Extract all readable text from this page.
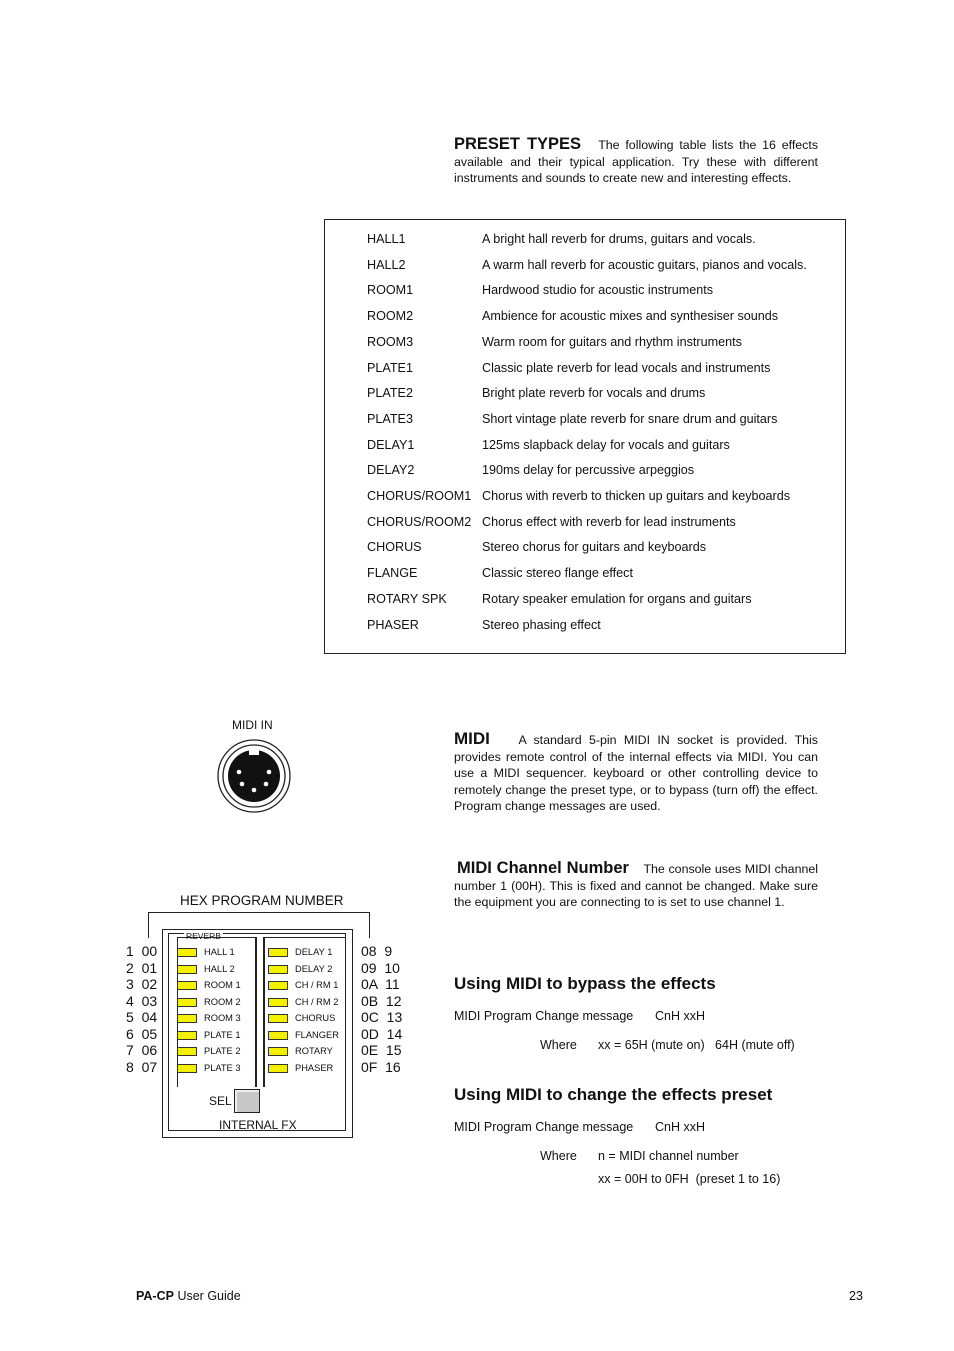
PRESET TYPES The following table lists the 16 effects available and their typical application. Try these with different instruments and sounds to create new and interesting effects.
HALL1	A bright hall reverb for drums, guitars and vocals.
HALL2	A warm hall reverb for acoustic guitars, pianos and vocals.
ROOM1	Hardwood studio for acoustic instruments
ROOM2	Ambience for acoustic mixes and synthesiser sounds
ROOM3	Warm room for guitars and rhythm instruments
PLATE1	Classic plate reverb for lead vocals and instruments
PLATE2	Bright plate reverb for vocals and drums
PLATE3	Short vintage plate reverb for snare drum and guitars
DELAY1	125ms slapback delay for vocals and guitars
DELAY2	190ms delay for percussive arpeggios
CHORUS/ROOM1 Chorus with reverb to thicken up guitars and keyboards
CHORUS/ROOM2 Chorus effect with reverb for lead instruments
CHORUS	Stereo chorus for guitars and keyboards
FLANGE	Classic stereo flange effect
ROTARY SPK	Rotary speaker emulation for organs and guitars
PHASER	Stereo phasing effect
MIDI IN
MIDI A standard 5-pin MIDI IN socket is provided. This provides remote control of the internal effects via MIDI. You can use a MIDI sequencer. keyboard or other controlling device to remotely change the preset type, or to bypass (turn off) the effect. Program change messages are used.
MIDI Channel Number The console uses MIDI channel number 1 (00H). This is fixed and cannot be changed. Make sure the equipment you are connecting to is set to use channel 1.
HEX PROGRAM NUMBER
REVERB
HALL 1
HALL 2
ROOM 1
ROOM 2
ROOM 3
PLATE 1
PLATE 2
PLATE 3
DELAY 1
DELAY 2
CH / RM 1
CH / RM 2
CHORUS
FLANGER
ROTARY
PHASER
SEL
INTERNAL FX
1  00
2  01
3  02
4  03
5  04
6  05
7  06
8  07
08  9
09  10
0A  11
0B  12
0C  13
0D  14
0E  15
0F  16
Using MIDI to bypass the effects
MIDI Program Change message CnH xxH
Where xx = 65H (mute on)   64H (mute off)
Using MIDI to change the effects preset
MIDI Program Change message CnH xxH
Where n = MIDI channel number
xx = 00H to 0FH  (preset 1 to 16)
PA-CP User Guide	23
